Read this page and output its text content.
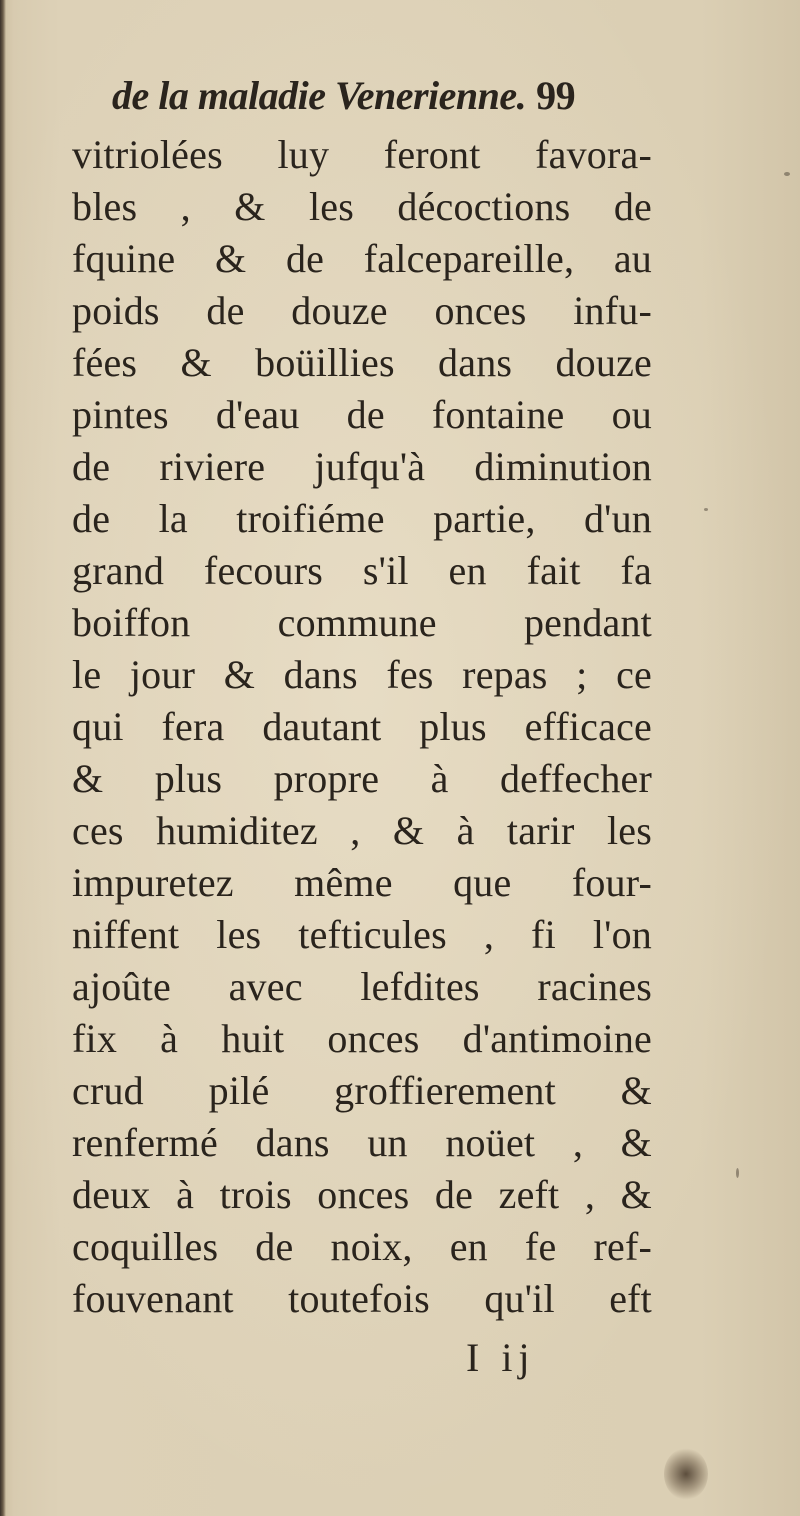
de la maladie Venerienne. 99
vitriolées luy feront favora-
bles , & les décoctions de
fquine & de falcepareille, au
poids de douze onces infu-
fées & boüillies dans douze
pintes d'eau de fontaine ou
de riviere jufqu'à diminution
de la troifiéme partie, d'un
grand fecours s'il en fait fa
boiffon commune pendant
le jour & dans fes repas ; ce
qui fera dautant plus efficace
& plus propre à deffecher
ces humiditez , & à tarir les
impuretez même que four-
niffent les tefticules , fi l'on
ajoûte avec lefdites racines
fix à huit onces d'antimoine
crud pilé groffierement &
renfermé dans un noüet , &
deux à trois onces de zeft , &
coquilles de noix, en fe ref-
fouvenant toutefois qu'il eft
I ij
